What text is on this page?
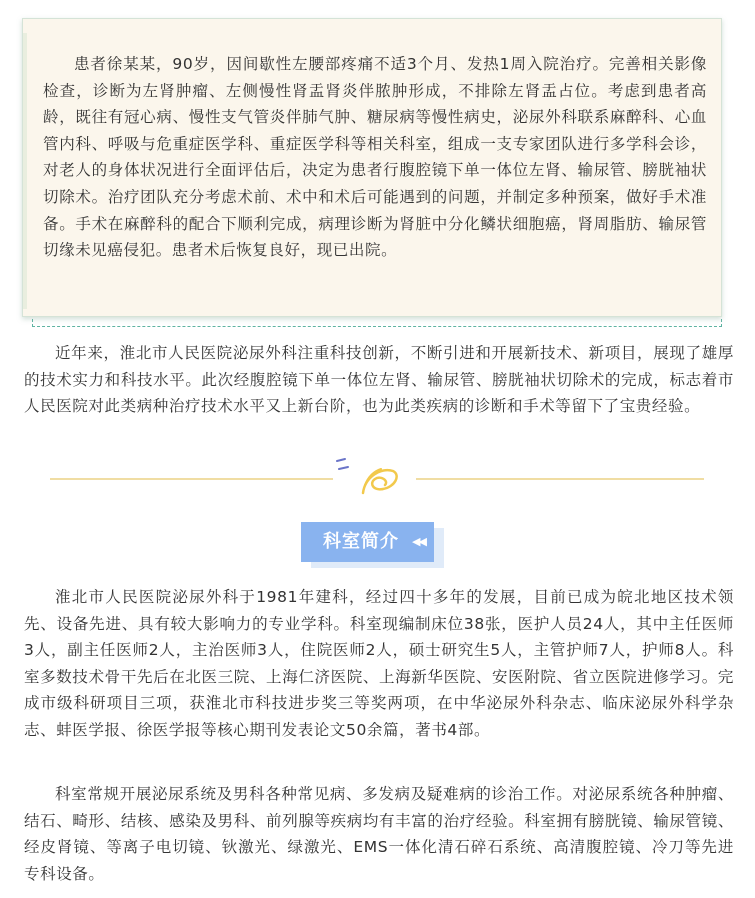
患者徐某某，90岁，因间歇性左腰部疼痛不适3个月、发热1周入院治疗。完善相关影像检查，诊断为左肾肿瘤、左侧慢性肾盂肾炎伴脓肿形成，不排除左肾盂占位。考虑到患者高龄，既往有冠心病、慢性支气管炎伴肺气肿、糖尿病等慢性病史，泌尿外科联系麻醉科、心血管内科、呼吸与危重症医学科、重症医学科等相关科室，组成一支专家团队进行多学科会诊，对老人的身体状况进行全面评估后，决定为患者行腹腔镜下单一体位左肾、输尿管、膀胱袖状切除术。治疗团队充分考虑术前、术中和术后可能遇到的问题，并制定多种预案，做好手术准备。手术在麻醉科的配合下顺利完成，病理诊断为肾脏中分化鳞状细胞癌，肾周脂肪、输尿管切缘未见癌侵犯。患者术后恢复良好，现已出院。
近年来，淮北市人民医院泌尿外科注重科技创新，不断引进和开展新技术、新项目，展现了雄厚的技术实力和科技水平。此次经腹腔镜下单一体位左肾、输尿管、膀胱袖状切除术的完成，标志着市人民医院对此类病种治疗技术水平又上新台阶，也为此类疾病的诊断和手术等留下了宝贵经验。
科室简介 ◀◀
淮北市人民医院泌尿外科于1981年建科，经过四十多年的发展，目前已成为皖北地区技术领先、设备先进、具有较大影响力的专业学科。科室现编制床位38张，医护人员24人，其中主任医师3人，副主任医师2人，主治医师3人，住院医师2人，硕士研究生5人，主管护师7人，护师8人。科室多数技术骨干先后在北医三院、上海仁济医院、上海新华医院、安医附院、省立医院进修学习。完成市级科研项目三项，获淮北市科技进步奖三等奖两项，在中华泌尿外科杂志、临床泌尿外科学杂志、蚌医学报、徐医学报等核心期刊发表论文50余篇，著书4部。
科室常规开展泌尿系统及男科各种常见病、多发病及疑难病的诊治工作。对泌尿系统各种肿瘤、结石、畸形、结核、感染及男科、前列腺等疾病均有丰富的治疗经验。科室拥有膀胱镜、输尿管镜、经皮肾镜、等离子电切镜、钬激光、绿激光、EMS一体化清石碎石系统、高清腹腔镜、冷刀等先进专科设备。
